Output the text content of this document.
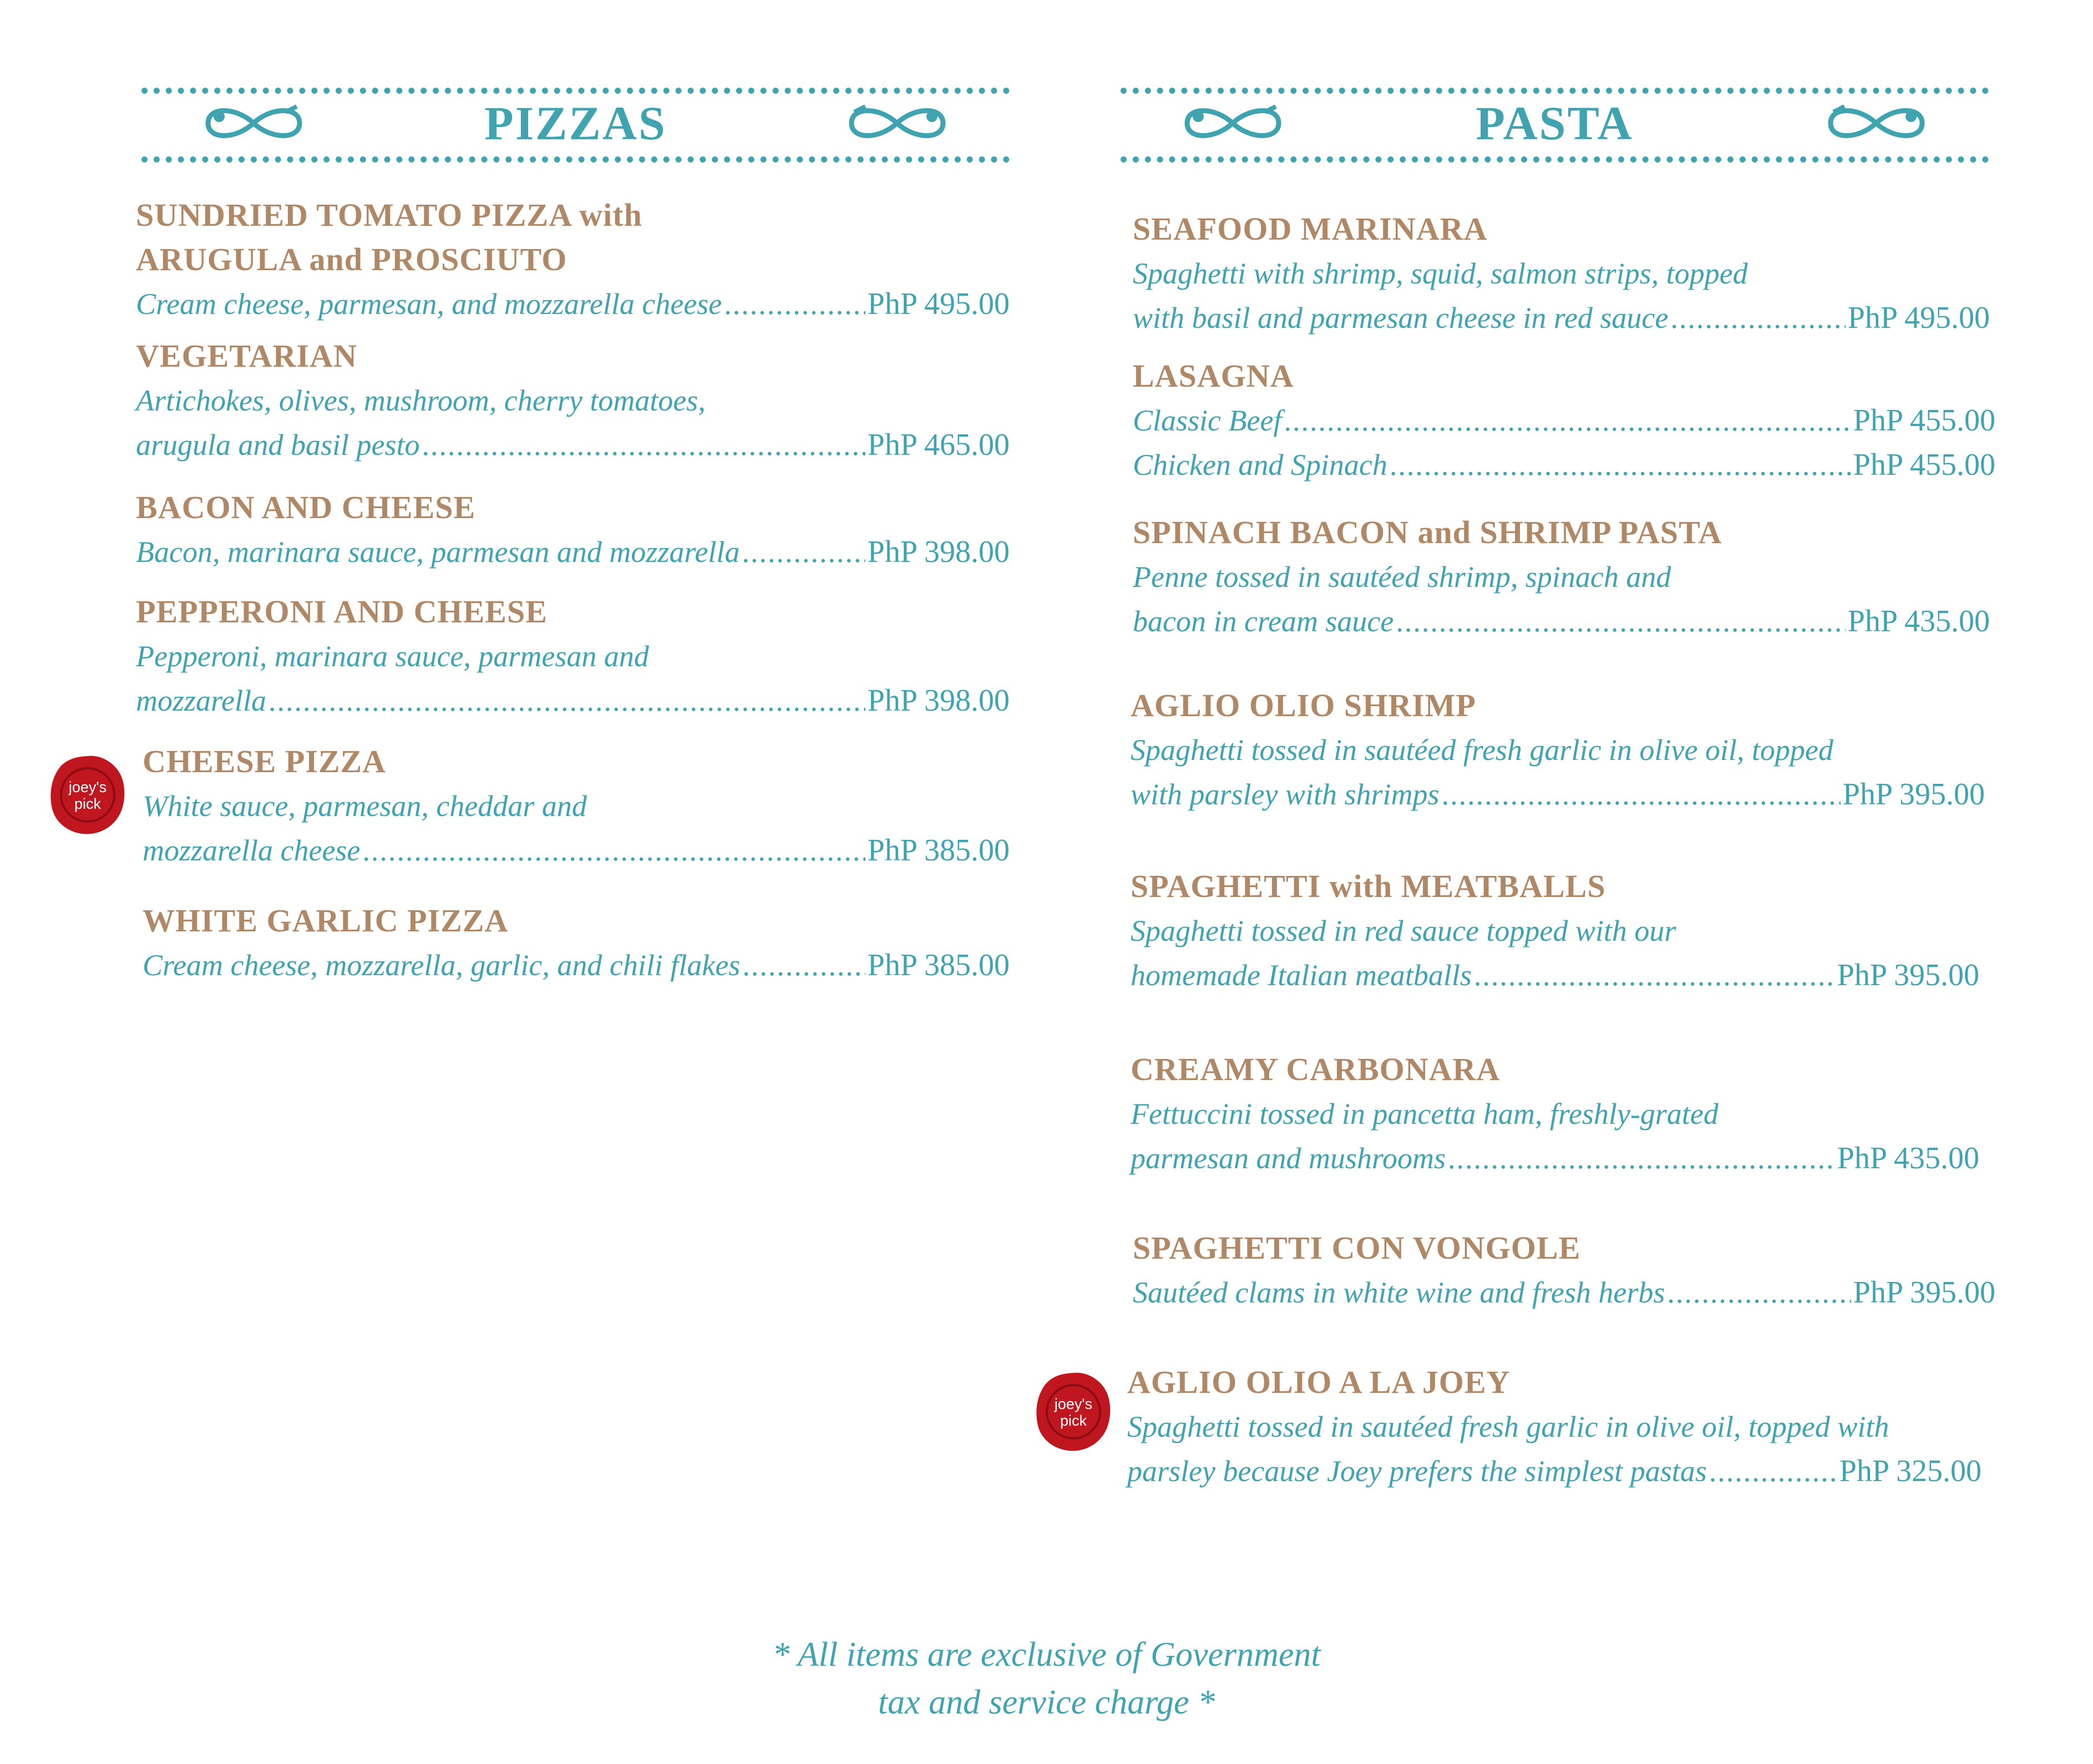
PIZZAS
SUNDRIED TOMATO PIZZA with
ARUGULA and PROSCIUTO
Cream cheese, parmesan, and mozzarella cheese .....	PhP 495.00
VEGETARIAN
Artichokes, olives, mushroom, cherry tomatoes,
arugula and basil pesto .....	PhP 465.00
BACON AND CHEESE
Bacon, marinara sauce, parmesan and mozzarella .....	PhP 398.00
PEPPERONI AND CHEESE
Pepperoni, marinara sauce, parmesan and
mozzarella .....	PhP 398.00
CHEESE PIZZA
White sauce, parmesan, cheddar and
mozzarella cheese .....	PhP 385.00
WHITE GARLIC PIZZA
Cream cheese, mozzarella, garlic, and chili flakes .....	PhP 385.00
joey's
pick
PASTA
SEAFOOD MARINARA
Spaghetti with shrimp, squid, salmon strips, topped
with basil and parmesan cheese in red sauce .....	PhP 495.00
LASAGNA
Classic Beef .....	PhP 455.00
Chicken and Spinach .....	PhP 455.00
SPINACH BACON and SHRIMP PASTA
Penne tossed in sautéed shrimp, spinach and
bacon in cream sauce .....	PhP 435.00
AGLIO OLIO SHRIMP
Spaghetti tossed in sautéed fresh garlic in olive oil, topped
with parsley with shrimps .....	PhP 395.00
SPAGHETTI with MEATBALLS
Spaghetti tossed in red sauce topped with our
homemade Italian meatballs .....	PhP 395.00
CREAMY CARBONARA
Fettuccini tossed in pancetta ham, freshly-grated
parmesan and mushrooms .....	PhP 435.00
SPAGHETTI CON VONGOLE
Sautéed clams in white wine and fresh herbs .....	PhP 395.00
AGLIO OLIO A LA JOEY
Spaghetti tossed in sautéed fresh garlic in olive oil, topped with
parsley because Joey prefers the simplest pastas .....	PhP 325.00
joey's
pick
* All items are exclusive of Government
tax and service charge *
